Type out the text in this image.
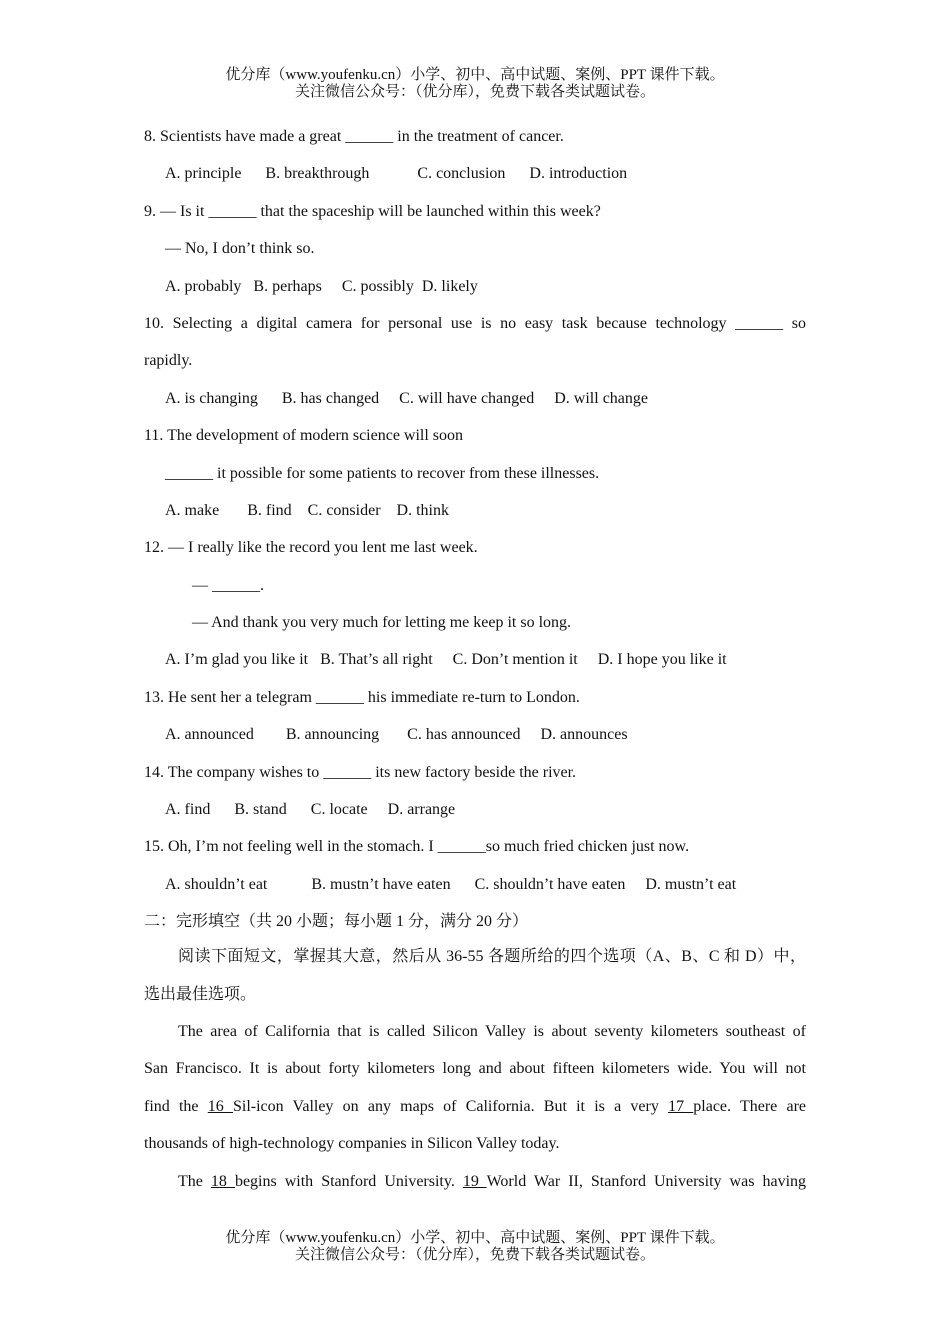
优分库（www.youfenku.cn）小学、初中、高中试题、案例、PPT 课件下载。
关注微信公众号：（优分库），免费下载各类试题试卷。
8. Scientists have made a great ______ in the treatment of cancer.
A. principle      B. breakthrough            C. conclusion      D. introduction
9. — Is it ______ that the spaceship will be launched within this week?
— No, I don’t think so.
A. probably   B. perhaps     C. possibly  D. likely
10. Selecting a digital camera for personal use is no easy task because technology ______ so
rapidly.
A. is changing      B. has changed     C. will have changed     D. will change
11. The development of modern science will soon
______ it possible for some patients to recover from these illnesses.
A. make       B. find    C. consider    D. think
12. — I really like the record you lent me last week.
— ______.
— And thank you very much for letting me keep it so long.
A. I’m glad you like it   B. That’s all right     C. Don’t mention it     D. I hope you like it
13. He sent her a telegram ______ his immediate re-turn to London.
A. announced        B. announcing       C. has announced     D. announces
14. The company wishes to ______ its new factory beside the river.
A. find      B. stand      C. locate     D. arrange
15. Oh, I’m not feeling well in the stomach. I ______so much fried chicken just now.
A. shouldn’t eat           B. mustn’t have eaten      C. shouldn’t have eaten     D. mustn’t eat
二：完形填空（共 20 小题；每小题 1 分，满分 20 分）
阅读下面短文，掌握其大意，然后从 36-55 各题所给的四个选项（A、B、C 和 D）中，
选出最佳选项。
The area of California that is called Silicon Valley is about seventy kilometers southeast of
San Francisco. It is about forty kilometers long and about fifteen kilometers wide. You will not
find the 16 Sil-icon Valley on any maps of California. But it is a very 17 place. There are
thousands of high-technology companies in Silicon Valley today.
The 18 begins with Stanford University. 19 World War II, Stanford University was having
优分库（www.youfenku.cn）小学、初中、高中试题、案例、PPT 课件下载。
关注微信公众号：（优分库），免费下载各类试题试卷。
